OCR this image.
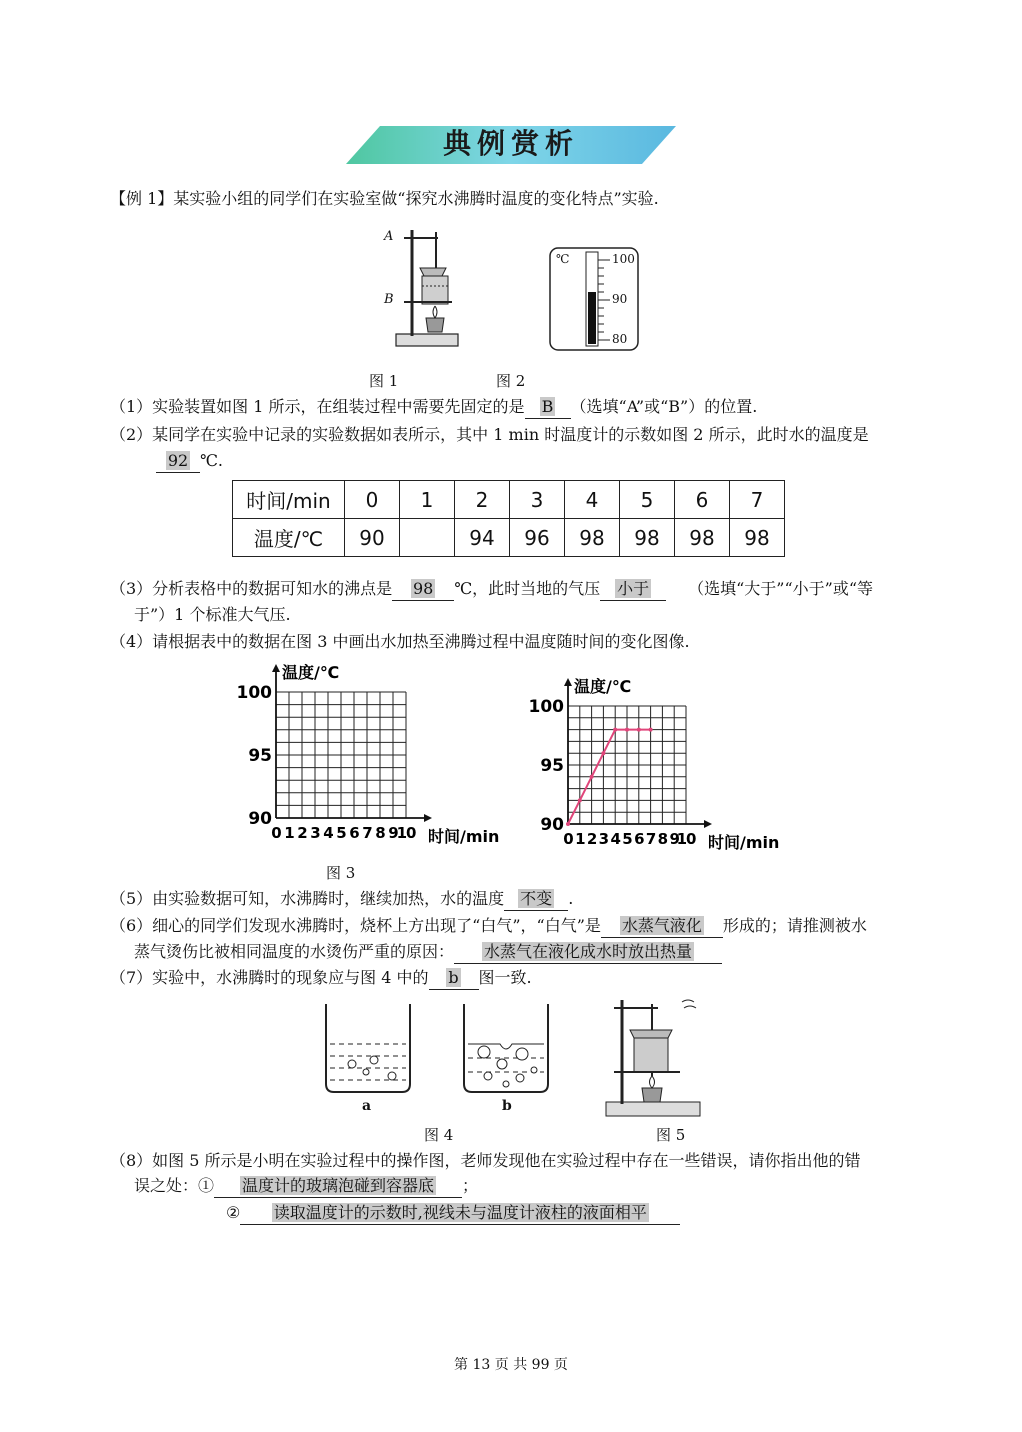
典例赏析
【例 1】某实验小组的同学们在实验室做“探究水沸腾时温度的变化特点”实验.
A
B
℃	100
90
80
图 1	图 2
（1）实验装置如图 1 所示，在组装过程中需要先固定的是 B （选填“A”或“B”）的位置.
（2）某同学在实验中记录的实验数据如表所示，其中 1 min 时温度计的示数如图 2 所示，此时水的温度是
92 ℃.
时间/min	0	1	2	3	4	5	6	7
温度/℃	90		94	96	98	98	98	98
（3）分析表格中的数据可知水的沸点是 98 ℃，此时当地的气压 小于 （选填“大于”“小于”或“等
于”）1 个标准大气压.
（4）请根据表中的数据在图 3 中画出水加热至沸腾过程中温度随时间的变化图像.
100
95
90
0 1 2 3 4 5 6 7 8 9
10
温度/℃
时间/min
100
95
90
0 1 2 3 4 5 6 7 8 9
10
温度/℃
时间/min
图 3
（5）由实验数据可知，水沸腾时，继续加热，水的温度 不变 .
（6）细心的同学们发现水沸腾时，烧杯上方出现了“白气”，“白气”是 水蒸气液化 形成的；请推测被水
蒸气烫伤比被相同温度的水烫伤严重的原因： 水蒸气在液化成水时放出热量
（7）实验中，水沸腾时的现象应与图 4 中的 b 图一致.
a	b
图 4	图 5
（8）如图 5 所示是小明在实验过程中的操作图，老师发现他在实验过程中存在一些错误，请你指出他的错
误之处：① 温度计的玻璃泡碰到容器底 ；
② 读取温度计的示数时,视线未与温度计液柱的液面相平
第 13 页 共 99 页
